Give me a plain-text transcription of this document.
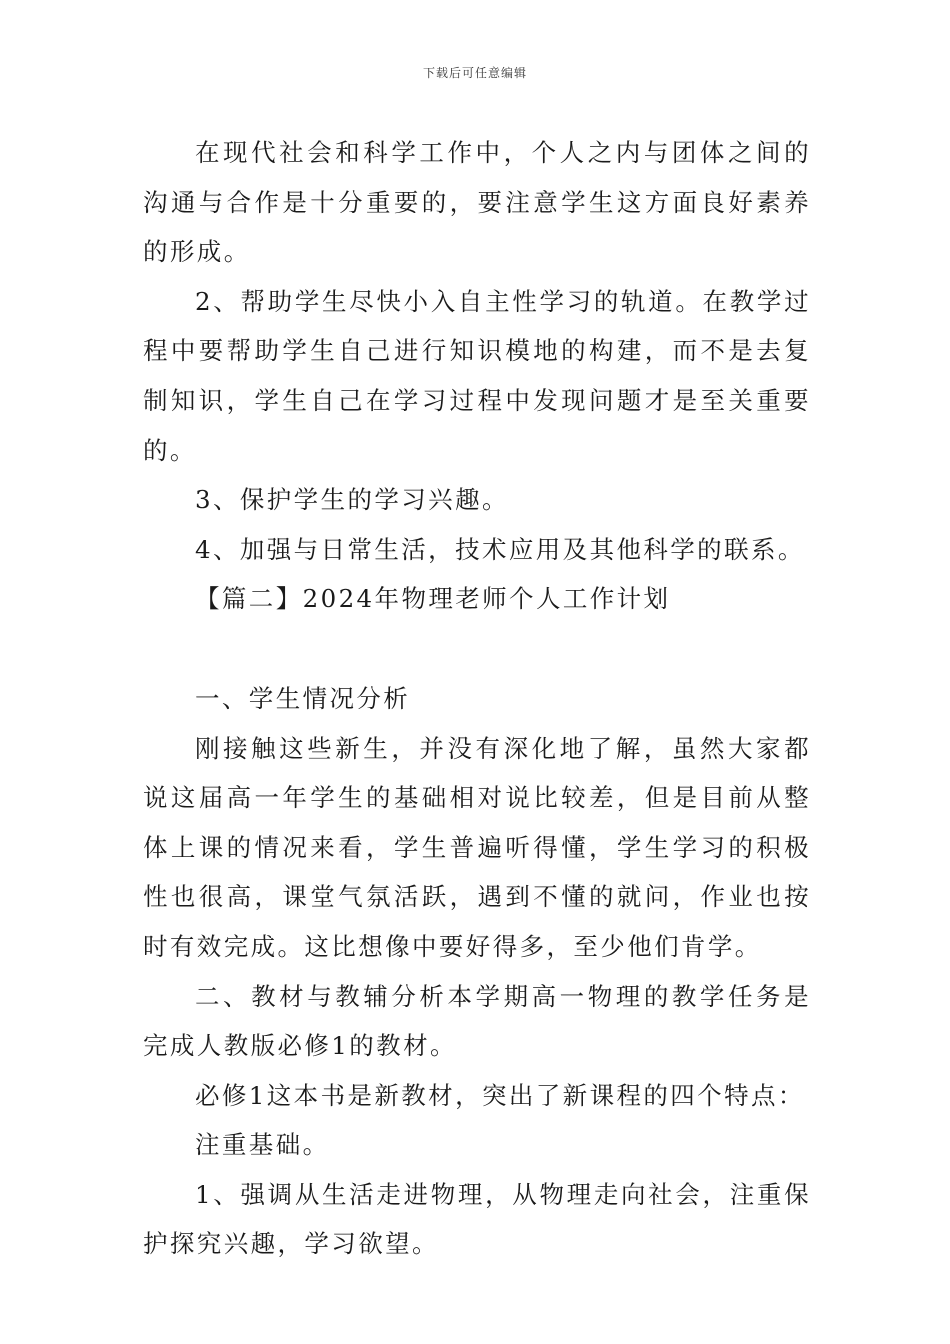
下载后可任意编辑

在现代社会和科学工作中，个人之内与团体之间的沟通与合作是十分重要的，要注意学生这方面良好素养的形成。

2、帮助学生尽快小入自主性学习的轨道。在教学过程中要帮助学生自己进行知识模地的构建，而不是去复制知识，学生自己在学习过程中发现问题才是至关重要的。

3、保护学生的学习兴趣。

4、加强与日常生活，技术应用及其他科学的联系。

【篇二】2024年物理老师个人工作计划

一、学生情况分析

刚接触这些新生，并没有深化地了解，虽然大家都说这届高一年学生的基础相对说比较差，但是目前从整体上课的情况来看，学生普遍听得懂，学生学习的积极性也很高，课堂气氛活跃，遇到不懂的就问，作业也按时有效完成。这比想像中要好得多，至少他们肯学。

二、教材与教辅分析本学期高一物理的教学任务是完成人教版必修1的教材。

必修1这本书是新教材，突出了新课程的四个特点：

注重基础。

1、强调从生活走进物理，从物理走向社会，注重保护探究兴趣，学习欲望。
